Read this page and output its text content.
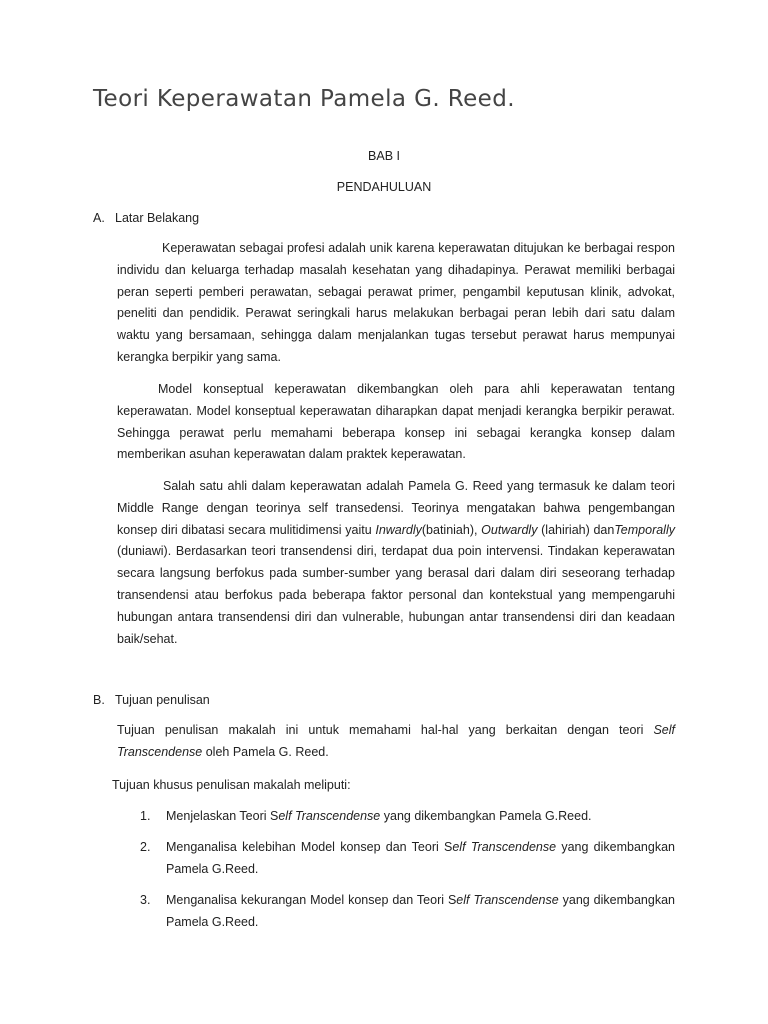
Teori Keperawatan Pamela G. Reed.
BAB I
PENDAHULUAN
A. Latar Belakang

Keperawatan sebagai profesi adalah unik karena keperawatan ditujukan ke berbagai respon individu dan keluarga terhadap masalah kesehatan yang dihadapinya. Perawat memiliki berbagai peran seperti pemberi perawatan, sebagai perawat primer, pengambil keputusan klinik, advokat, peneliti dan pendidik. Perawat seringkali harus melakukan berbagai peran lebih dari satu dalam waktu yang bersamaan, sehingga dalam menjalankan tugas tersebut perawat harus mempunyai kerangka berpikir yang sama.

Model konseptual keperawatan dikembangkan oleh para ahli keperawatan tentang keperawatan. Model konseptual keperawatan diharapkan dapat menjadi kerangka berpikir perawat. Sehingga perawat perlu memahami beberapa konsep ini sebagai kerangka konsep dalam memberikan asuhan keperawatan dalam praktek keperawatan.

Salah satu ahli dalam keperawatan adalah Pamela G. Reed yang termasuk ke dalam teori Middle Range dengan teorinya self transedensi. Teorinya mengatakan bahwa pengembangan konsep diri dibatasi secara mulitidimensi yaitu Inwardly(batiniah), Outwardly (lahiriah) danTemporally (duniawi). Berdasarkan teori transendensi diri, terdapat dua poin intervensi. Tindakan keperawatan secara langsung berfokus pada sumber-sumber yang berasal dari dalam diri seseorang terhadap transendensi atau berfokus pada beberapa faktor personal dan kontekstual yang mempengaruhi hubungan antara transendensi diri dan vulnerable, hubungan antar transendensi diri dan keadaan baik/sehat.

B. Tujuan penulisan

Tujuan penulisan makalah ini untuk memahami hal-hal yang berkaitan dengan teori Self Transcendense oleh Pamela G. Reed.

Tujuan khusus penulisan makalah meliputi:

1. Menjelaskan Teori Self Transcendense yang dikembangkan Pamela G.Reed.
2. Menganalisa kelebihan Model konsep dan Teori Self Transcendense yang dikembangkan Pamela G.Reed.
3. Menganalisa kekurangan Model konsep dan Teori Self Transcendense yang dikembangkan Pamela G.Reed.
